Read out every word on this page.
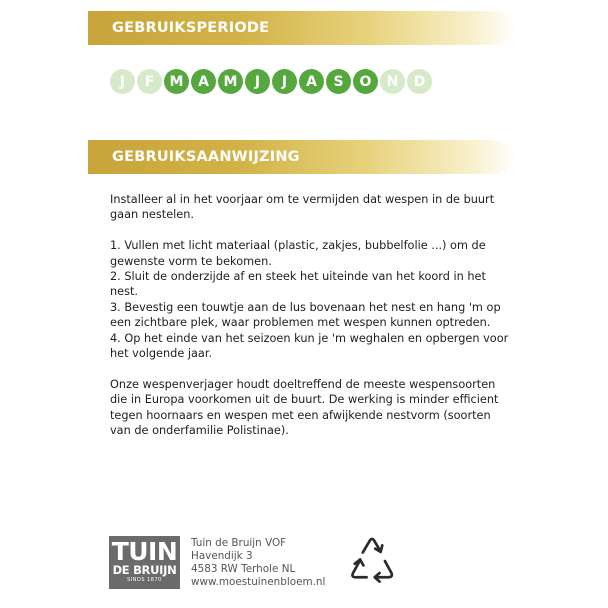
GEBRUIKSPERIODE
J	F	M	A	M	J	J	A	S	O	N	D
GEBRUIKSAANWIJZING

Installeer al in het voorjaar om te vermijden dat wespen in de buurt gaan nestelen.

1. Vullen met licht materiaal (plastic, zakjes, bubbelfolie ...) om de gewenste vorm te bekomen.

2. Sluit de onderzijde af en steek het uiteinde van het koord in het nest.

3. Bevestig een touwtje aan de lus bovenaan het nest en hang 'm op een zichtbare plek, waar problemen met wespen kunnen optreden.

4. Op het einde van het seizoen kun je 'm weghalen en opbergen voor het volgende jaar.

Onze wespenverjager houdt doeltreffend de meeste wespensoorten die in Europa voorkomen uit de buurt. De werking is minder efficient tegen hoornaars en wespen met een afwijkende nestvorm (soorten van de onderfamilie Polistinae).

TUIN
DE BRUIJN
SINDS 1870
Tuin de Bruijn VOF
Havendijk 3
4583 RW Terhole NL
www.moestuinenbloem.nl
